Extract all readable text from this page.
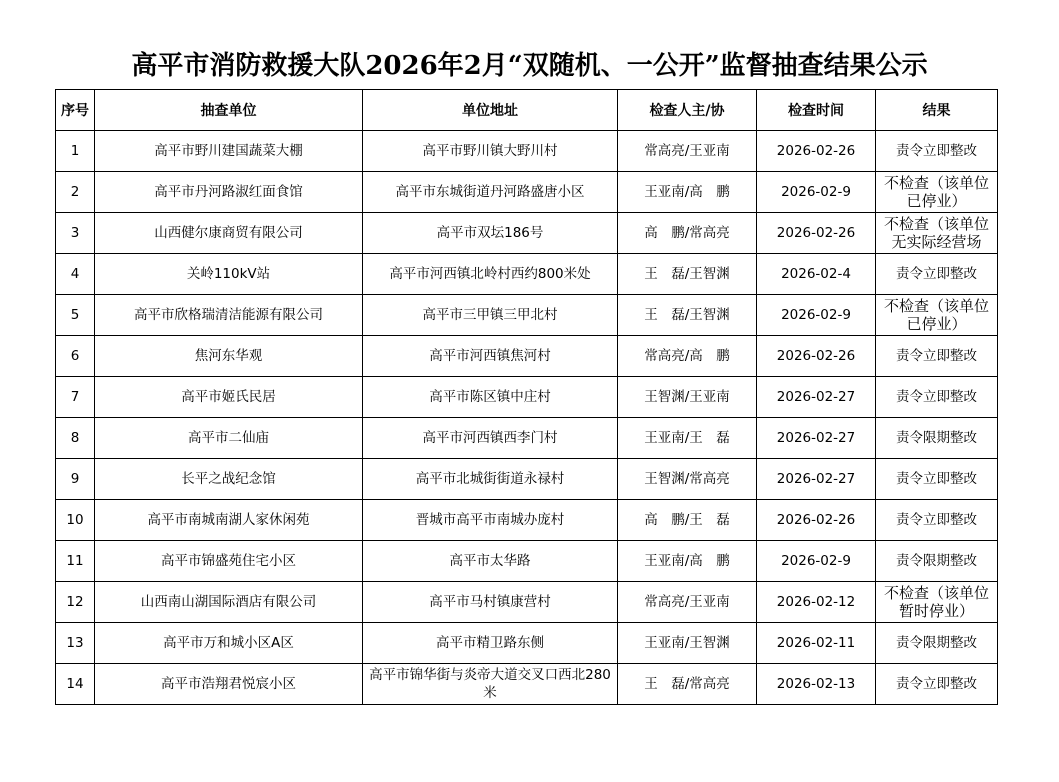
高平市消防救援大队2026年2月“双随机、一公开”监督抽查结果公示
序号	抽查单位	单位地址	检查人主/协	检查时间	结果
1	高平市野川建国蔬菜大棚	高平市野川镇大野川村	常高亮/王亚南	2026-02-26	责令立即整改
2	高平市丹河路淑红面食馆	高平市东城街道丹河路盛唐小区	王亚南/高　鹏	2026-02-9	不检查（该单位已停业）
3	山西健尔康商贸有限公司	高平市双坛186号	高　鹏/常高亮	2026-02-26	不检查（该单位无实际经营场
4	关岭110kV站	高平市河西镇北岭村西约800米处	王　磊/王智渊	2026-02-4	责令立即整改
5	高平市欣格瑞清洁能源有限公司	高平市三甲镇三甲北村	王　磊/王智渊	2026-02-9	不检查（该单位已停业）
6	焦河东华观	高平市河西镇焦河村	常高亮/高　鹏	2026-02-26	责令立即整改
7	高平市姬氏民居	高平市陈区镇中庄村	王智渊/王亚南	2026-02-27	责令立即整改
8	高平市二仙庙	高平市河西镇西李门村	王亚南/王　磊	2026-02-27	责令限期整改
9	长平之战纪念馆	高平市北城街街道永禄村	王智渊/常高亮	2026-02-27	责令立即整改
10	高平市南城南湖人家休闲苑	晋城市高平市南城办庞村	高　鹏/王　磊	2026-02-26	责令立即整改
11	高平市锦盛苑住宅小区	高平市太华路	王亚南/高　鹏	2026-02-9	责令限期整改
12	山西南山湖国际酒店有限公司	高平市马村镇康营村	常高亮/王亚南	2026-02-12	不检查（该单位暂时停业）
13	高平市万和城小区A区	高平市精卫路东侧	王亚南/王智渊	2026-02-11	责令限期整改
14	高平市浩翔君悦宸小区	高平市锦华街与炎帝大道交叉口西北280米	王　磊/常高亮	2026-02-13	责令立即整改
